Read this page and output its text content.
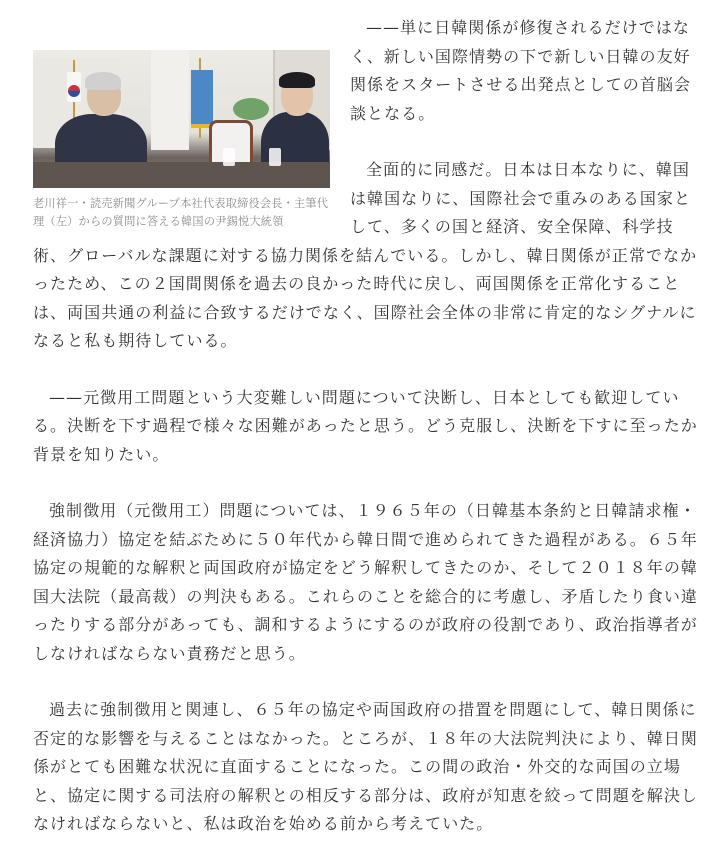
老川祥一・読売新聞グループ本社代表取締役会長・主筆代理（左）からの質問に答える韓国の尹錫悦大統領

——単に日韓関係が修復されるだけではなく、新しい国際情勢の下で新しい日韓の友好関係をスタートさせる出発点としての首脳会談となる。

全面的に同感だ。日本は日本なりに、韓国は韓国なりに、国際社会で重みのある国家として、多くの国と経済、安全保障、科学技術、グローバルな課題に対する協力関係を結んでいる。しかし、韓日関係が正常でなかったため、この２国間関係を過去の良かった時代に戻し、両国関係を正常化することは、両国共通の利益に合致するだけでなく、国際社会全体の非常に肯定的なシグナルになると私も期待している。

——元徴用工問題という大変難しい問題について決断し、日本としても歓迎している。決断を下す過程で様々な困難があったと思う。どう克服し、決断を下すに至ったか背景を知りたい。

強制徴用（元徴用工）問題については、１９６５年の（日韓基本条約と日韓請求権・経済協力）協定を結ぶために５０年代から韓日間で進められてきた過程がある。６５年協定の規範的な解釈と両国政府が協定をどう解釈してきたのか、そして２０１８年の韓国大法院（最高裁）の判決もある。これらのことを総合的に考慮し、矛盾したり食い違ったりする部分があっても、調和するようにするのが政府の役割であり、政治指導者がしなければならない責務だと思う。

過去に強制徴用と関連し、６５年の協定や両国政府の措置を問題にして、韓日関係に否定的な影響を与えることはなかった。ところが、１８年の大法院判決により、韓日関係がとても困難な状況に直面することになった。この間の政治・外交的な両国の立場と、協定に関する司法府の解釈との相反する部分は、政府が知恵を絞って問題を解決しなければならないと、私は政治を始める前から考えていた。
